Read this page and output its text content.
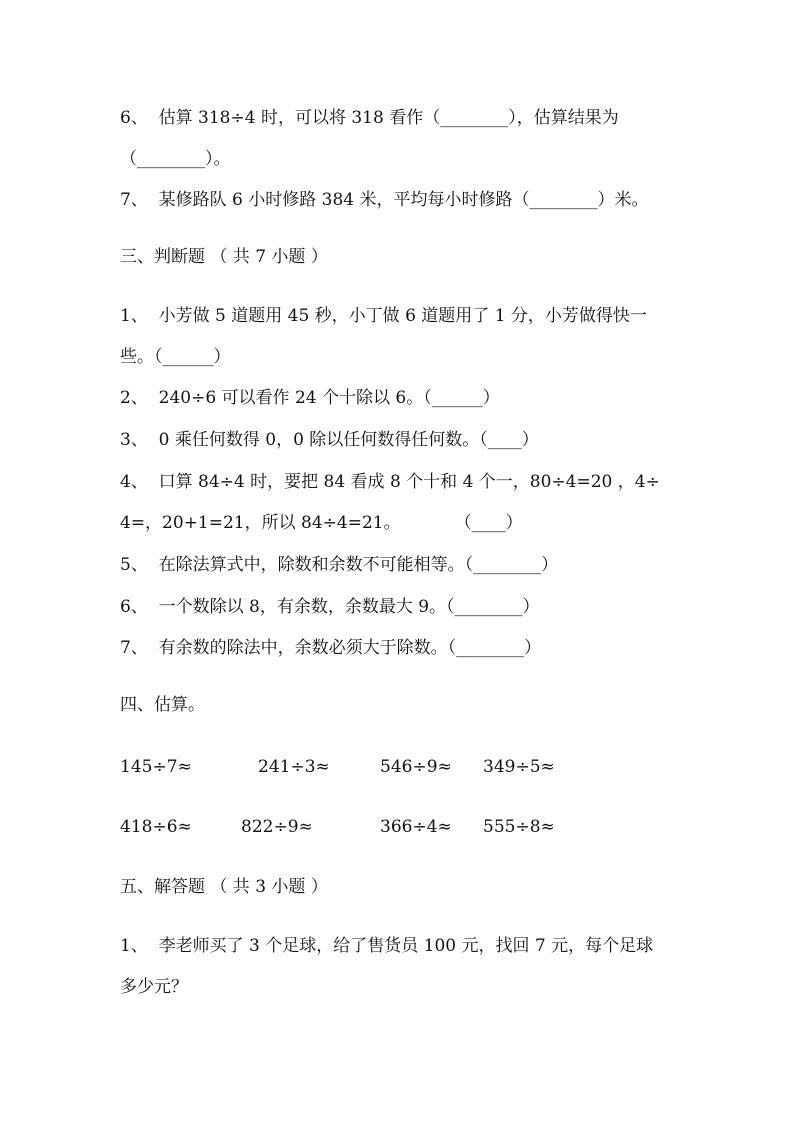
6、  估算 318÷4 时，可以将 318 看作（________），估算结果为

（________）。

7、  某修路队 6 小时修路 384 米，平均每小时修路（________）米。

三、判断题 （ 共 7 小题 ）

1、  小芳做 5 道题用 45 秒，小丁做 6 道题用了 1 分，小芳做得快一

些。（______）

2、  240÷6 可以看作 24 个十除以 6。（______）

3、  0 乘任何数得 0，0 除以任何数得任何数。（____）

4、  口算 84÷4 时，要把 84 看成 8 个十和 4 个一，80÷4=20 ，4÷

4=，20+1=21，所以 84÷4=21。          （____）

5、  在除法算式中，除数和余数不可能相等。（________）

6、  一个数除以 8，有余数，余数最大 9。（________）

7、  有余数的除法中，余数必须大于除数。（________）

四、估算。

145÷7≈	241÷3≈	546÷9≈ 349÷5≈
418÷6≈	822÷9≈	366÷4≈ 555÷8≈

五、解答题 （ 共 3 小题 ）

1、  李老师买了 3 个足球，给了售货员 100 元，找回 7 元，每个足球

多少元？
